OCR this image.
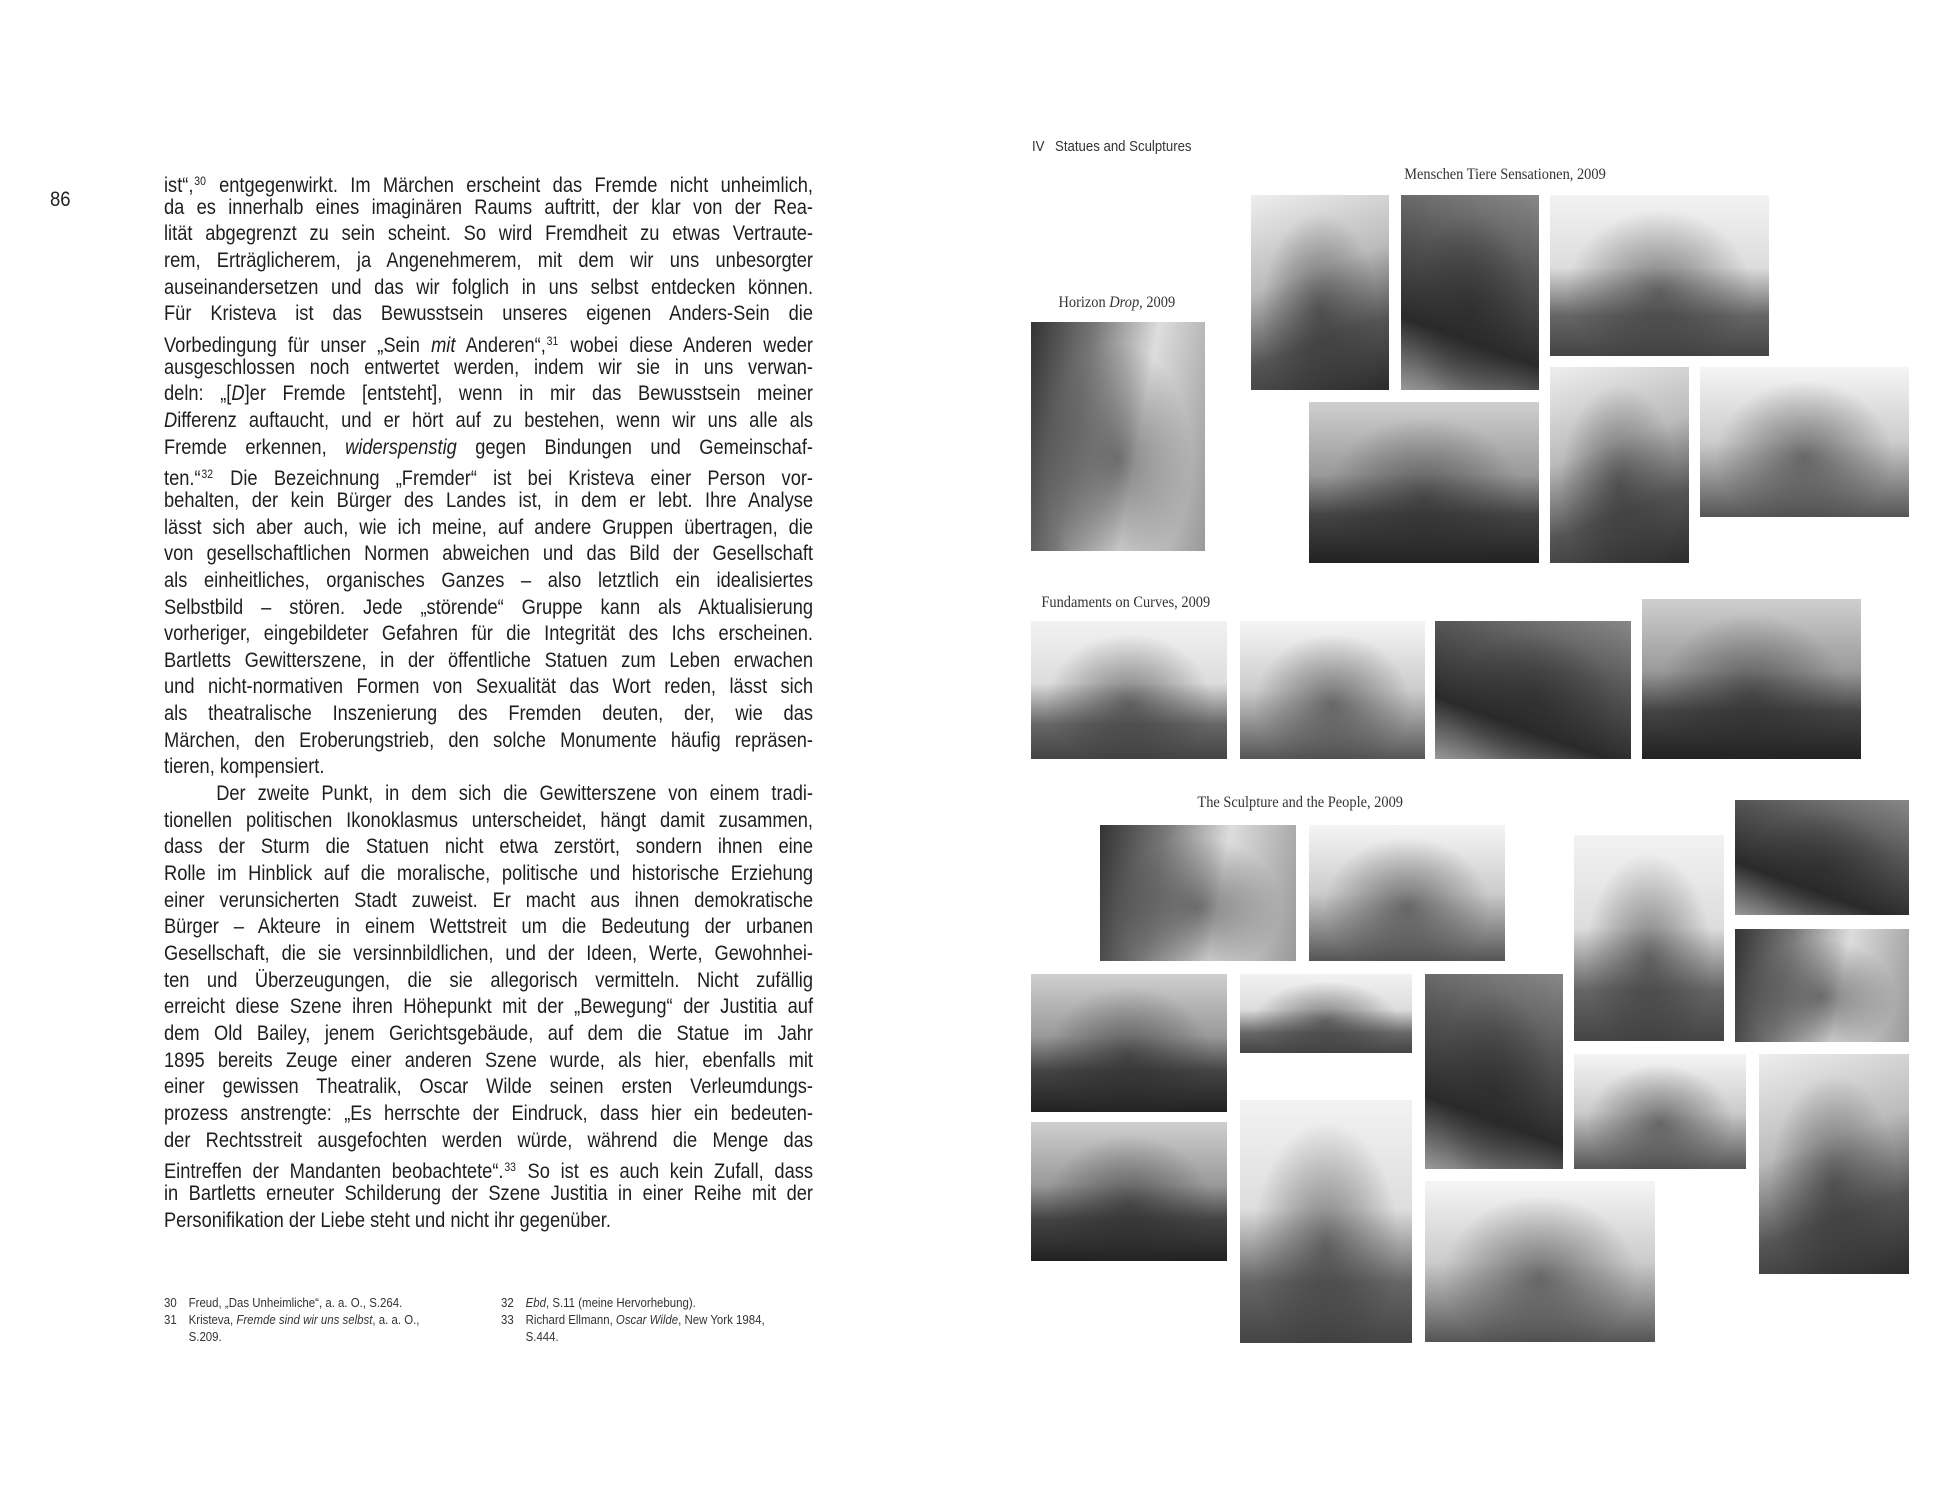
86
ist“,$^{30}$ entgegenwirkt. Im Märchen erscheint das Fremde nicht unheimlich,
da es innerhalb eines imaginären Raums auftritt, der klar von der Rea-
lität abgegrenzt zu sein scheint. So wird Fremdheit zu etwas Vertraute-
rem, Erträglicherem, ja Angenehmerem, mit dem wir uns unbesorgter
auseinandersetzen und das wir folglich in uns selbst entdecken können.
Für Kristeva ist das Bewusstsein unseres eigenen Anders-Sein die
Vorbedingung für unser „Sein mit Anderen“,$^{31}$ wobei diese Anderen weder
ausgeschlossen noch entwertet werden, indem wir sie in uns verwan-
deln: „[D]er Fremde [entsteht], wenn in mir das Bewusstsein meiner
Differenz auftaucht, und er hört auf zu bestehen, wenn wir uns alle als
Fremde erkennen, widerspenstig gegen Bindungen und Gemeinschaf-
ten.“$^{32}$ Die Bezeichnung „Fremder“ ist bei Kristeva einer Person vor-
behalten, der kein Bürger des Landes ist, in dem er lebt. Ihre Analyse
lässt sich aber auch, wie ich meine, auf andere Gruppen übertragen, die
von gesellschaftlichen Normen abweichen und das Bild der Gesellschaft
als einheitliches, organisches Ganzes – also letztlich ein idealisiertes
Selbstbild – stören. Jede „störende“ Gruppe kann als Aktualisierung
vorheriger, eingebildeter Gefahren für die Integrität des Ichs erscheinen.
Bartletts Gewitterszene, in der öffentliche Statuen zum Leben erwachen
und nicht-normativen Formen von Sexualität das Wort reden, lässt sich
als theatralische Inszenierung des Fremden deuten, der, wie das
Märchen, den Eroberungstrieb, den solche Monumente häufig repräsen-
tieren, kompensiert.
Der zweite Punkt, in dem sich die Gewitterszene von einem tradi-
tionellen politischen Ikonoklasmus unterscheidet, hängt damit zusammen,
dass der Sturm die Statuen nicht etwa zerstört, sondern ihnen eine
Rolle im Hinblick auf die moralische, politische und historische Erziehung
einer verunsicherten Stadt zuweist. Er macht aus ihnen demokratische
Bürger – Akteure in einem Wettstreit um die Bedeutung der urbanen
Gesellschaft, die sie versinnbildlichen, und der Ideen, Werte, Gewohnhei-
ten und Überzeugungen, die sie allegorisch vermitteln. Nicht zufällig
erreicht diese Szene ihren Höhepunkt mit der „Bewegung“ der Justitia auf
dem Old Bailey, jenem Gerichtsgebäude, auf dem die Statue im Jahr
1895 bereits Zeuge einer anderen Szene wurde, als hier, ebenfalls mit
einer gewissen Theatralik, Oscar Wilde seinen ersten Verleumdungs-
prozess anstrengte: „Es herrschte der Eindruck, dass hier ein bedeuten-
der Rechtsstreit ausgefochten werden würde, während die Menge das
Eintreffen der Mandanten beobachtete“.$^{33}$ So ist es auch kein Zufall, dass
in Bartletts erneuter Schilderung der Szene Justitia in einer Reihe mit der
Personifikation der Liebe steht und nicht ihr gegenüber.
30 Freud, „Das Unheimliche“, a. a. O., S.264.
31 Kristeva, Fremde sind wir uns selbst, a. a. O., S.209.
32 Ebd, S.11 (meine Hervorhebung).
33 Richard Ellmann, Oscar Wilde, New York 1984, S.444.
IV Statues and Sculptures
Menschen Tiere Sensationen, 2009
Horizon Drop, 2009
Fundaments on Curves, 2009
The Sculpture and the People, 2009
